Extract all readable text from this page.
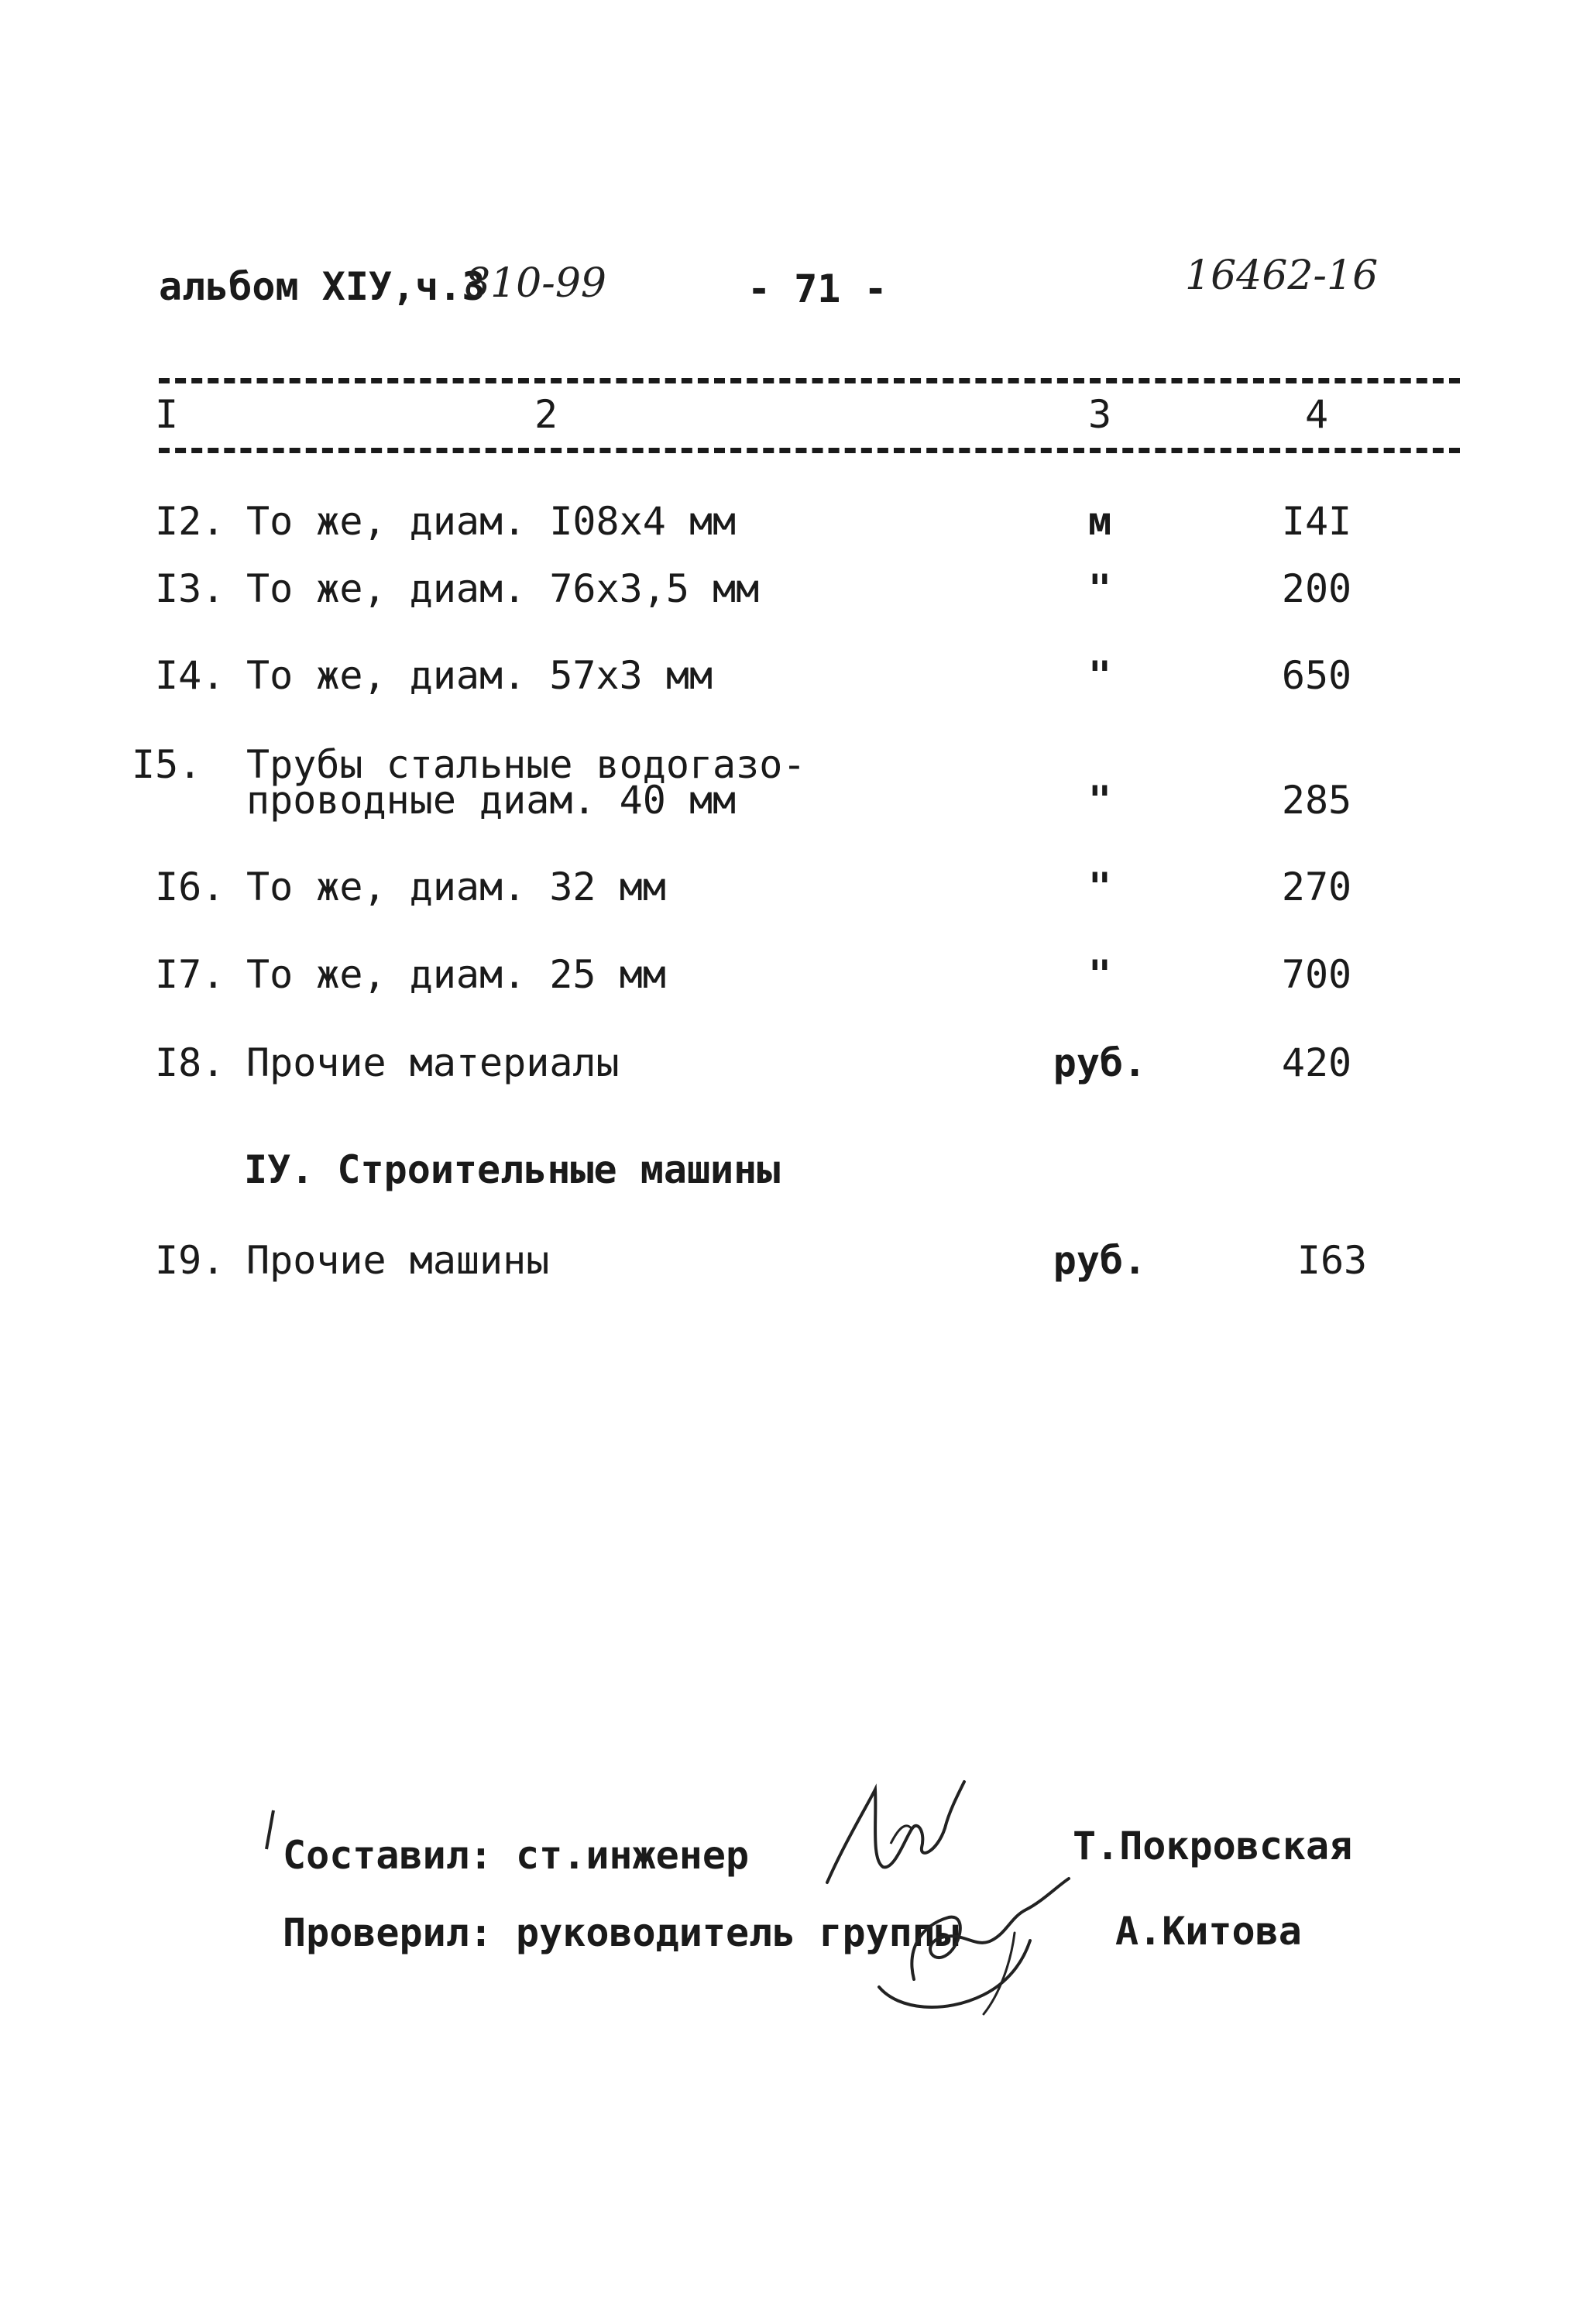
альбом ХIУ,ч.3
810-99	- 71 -	16462-16
I	2	3	4
I2. То же, диам. I08х4 мм	м	I4I
I3. То же, диам. 76х3,5 мм	"	200
I4. То же, диам. 57х3 мм	"	650
I5. Трубы стальные водогазо-
проводные диам. 40 мм	"	285
I6. То же, диам. 32 мм	"	270
I7. То же, диам. 25 мм	"	700
I8. Прочие материалы	руб.	420
IУ. Строительные машины
I9. Прочие машины	руб.	I63
Составил: ст.инженер	Т.Покровская
Проверил: руководитель группы	А.Китова
